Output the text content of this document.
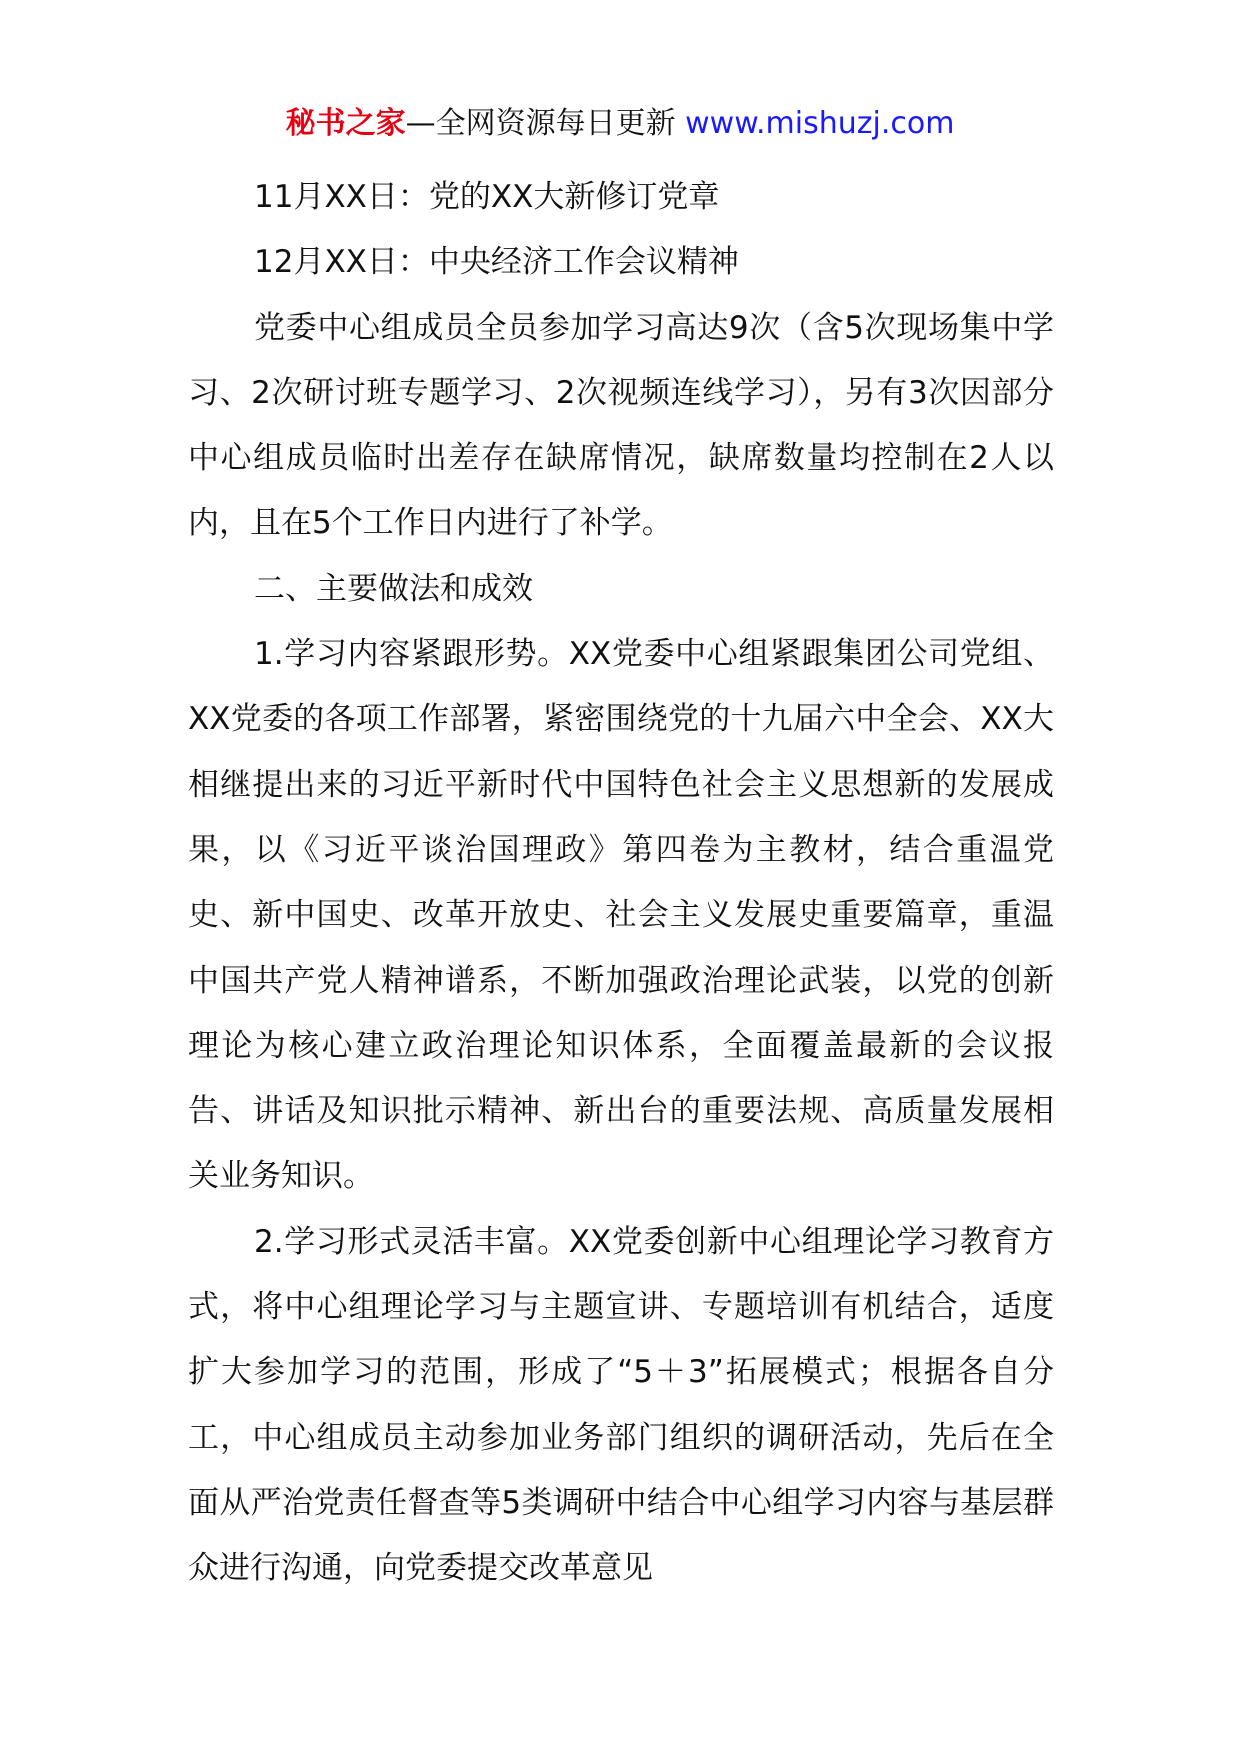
秘书之家—全网资源每日更新 www.mishuzj.com

11月XX日：党的XX大新修订党章

12月XX日：中央经济工作会议精神

党委中心组成员全员参加学习高达9次（含5次现场集中学习、2次研讨班专题学习、2次视频连线学习），另有3次因部分中心组成员临时出差存在缺席情况，缺席数量均控制在2人以内，且在5个工作日内进行了补学。

二、主要做法和成效

1.学习内容紧跟形势。XX党委中心组紧跟集团公司党组、XX党委的各项工作部署，紧密围绕党的十九届六中全会、XX大相继提出来的习近平新时代中国特色社会主义思想新的发展成果，以《习近平谈治国理政》第四卷为主教材，结合重温党史、新中国史、改革开放史、社会主义发展史重要篇章，重温中国共产党人精神谱系，不断加强政治理论武装，以党的创新理论为核心建立政治理论知识体系，全面覆盖最新的会议报告、讲话及知识批示精神、新出台的重要法规、高质量发展相关业务知识。

2.学习形式灵活丰富。XX党委创新中心组理论学习教育方式，将中心组理论学习与主题宣讲、专题培训有机结合，适度扩大参加学习的范围，形成了“5＋3”拓展模式；根据各自分工，中心组成员主动参加业务部门组织的调研活动，先后在全面从严治党责任督查等5类调研中结合中心组学习内容与基层群众进行沟通，向党委提交改革意见
